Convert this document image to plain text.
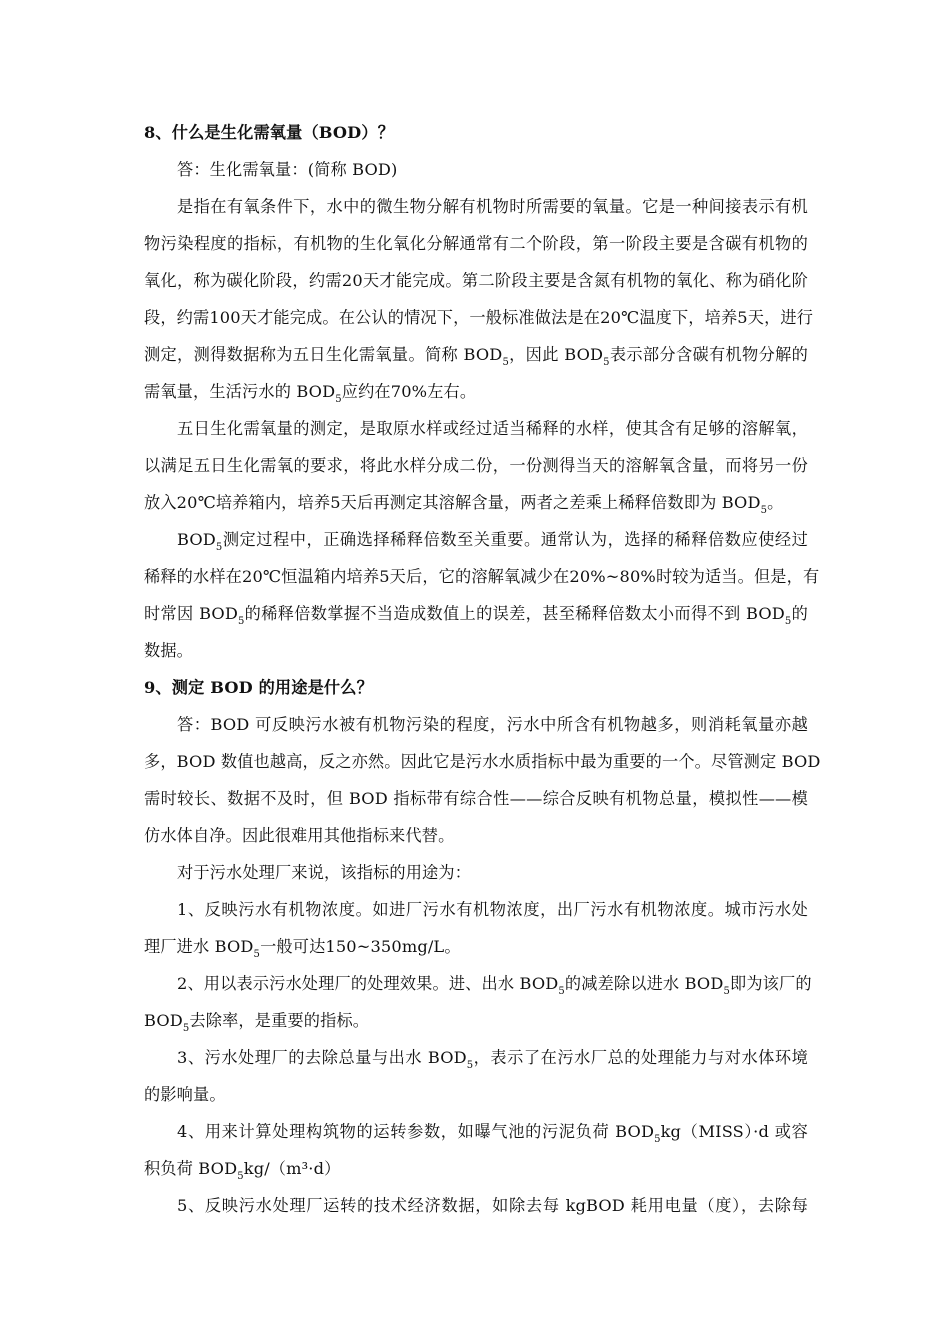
8、什么是生化需氧量（BOD）？
答：生化需氧量：(简称 BOD)
是指在有氧条件下，水中的微生物分解有机物时所需要的氧量。它是一种间接表示有机
物污染程度的指标，有机物的生化氧化分解通常有二个阶段，第一阶段主要是含碳有机物的
氧化，称为碳化阶段，约需20天才能完成。第二阶段主要是含氮有机物的氧化、称为硝化阶
段，约需100天才能完成。在公认的情况下，一般标准做法是在20℃温度下，培养5天，进行
测定，测得数据称为五日生化需氧量。简称 $BOD_5$，因此 $BOD_5$表示部分含碳有机物分解的
需氧量，生活污水的 $BOD_5$应约在70%左右。
五日生化需氧量的测定，是取原水样或经过适当稀释的水样，使其含有足够的溶解氧，
以满足五日生化需氧的要求，将此水样分成二份，一份测得当天的溶解氧含量，而将另一份
放入20℃培养箱内，培养5天后再测定其溶解含量，两者之差乘上稀释倍数即为 $BOD_5$。
$BOD_5$测定过程中，正确选择稀释倍数至关重要。通常认为，选择的稀释倍数应使经过
稀释的水样在20℃恒温箱内培养5天后，它的溶解氧减少在20%~80%时较为适当。但是，有
时常因 $BOD_5$的稀释倍数掌握不当造成数值上的误差，甚至稀释倍数太小而得不到 $BOD_5$的
数据。
9、测定 BOD 的用途是什么？
答：BOD 可反映污水被有机物污染的程度，污水中所含有机物越多，则消耗氧量亦越
多，BOD 数值也越高，反之亦然。因此它是污水水质指标中最为重要的一个。尽管测定 BOD
需时较长、数据不及时，但 BOD 指标带有综合性——综合反映有机物总量，模拟性——模
仿水体自净。因此很难用其他指标来代替。
对于污水处理厂来说，该指标的用途为：
1、反映污水有机物浓度。如进厂污水有机物浓度，出厂污水有机物浓度。城市污水处
理厂进水 $BOD_5$一般可达150~350mg/L。
2、用以表示污水处理厂的处理效果。进、出水 $BOD_5$的减差除以进水 $BOD_5$即为该厂的
$BOD_5$去除率，是重要的指标。
3、污水处理厂的去除总量与出水 $BOD_5$，表示了在污水厂总的处理能力与对水体环境
的影响量。
4、用来计算处理构筑物的运转参数，如曝气池的污泥负荷 $BOD_5kg(MISS)\cdot d$ 或容
积负荷 $BOD_5kg/(m^3\cdot d)$
5、反映污水处理厂运转的技术经济数据，如除去每 kgBOD 耗用电量（度），去除每
